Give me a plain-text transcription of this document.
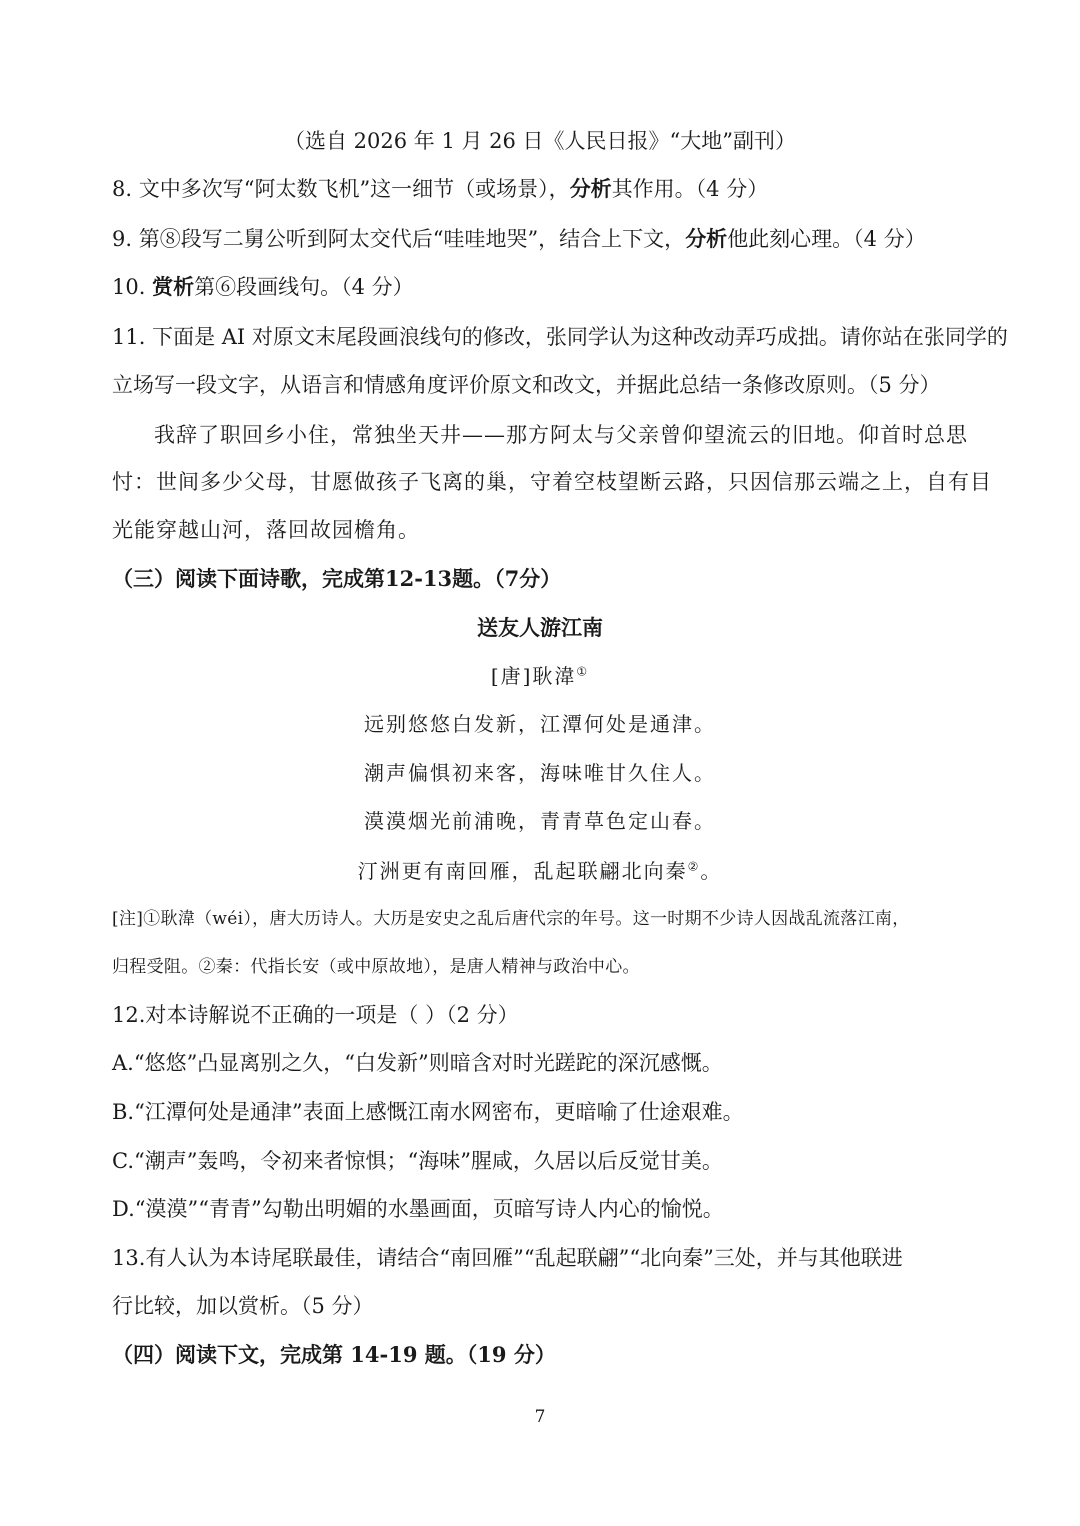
（选自 2026 年 1 月 26 日《人民日报》“大地”副刊）
8. 文中多次写“阿太数飞机”这一细节（或场景），分析其作用。（4 分）
9. 第⑧段写二舅公听到阿太交代后“哇哇地哭”，结合上下文，分析他此刻心理。（4 分）
10. 赏析第⑥段画线句。（4 分）
11. 下面是 AI 对原文末尾段画浪线句的修改，张同学认为这种改动弄巧成拙。请你站在张同学的
立场写一段文字，从语言和情感角度评价原文和改文，并据此总结一条修改原则。（5 分）
我辞了职回乡小住，常独坐天井——那方阿太与父亲曾仰望流云的旧地。仰首时总思
忖：世间多少父母，甘愿做孩子飞离的巢，守着空枝望断云路，只因信那云端之上，自有目
光能穿越山河，落回故园檐角。
（三）阅读下面诗歌，完成第12-13题。（7分）
送友人游江南
[唐]耿湋①
远别悠悠白发新，江潭何处是通津。
潮声偏惧初来客，海味唯甘久住人。
漠漠烟光前浦晚，青青草色定山春。
汀洲更有南回雁，乱起联翩北向秦②。
[注]①耿湋（wéi），唐大历诗人。大历是安史之乱后唐代宗的年号。这一时期不少诗人因战乱流落江南，
归程受阻。②秦：代指长安（或中原故地），是唐人精神与政治中心。
12.对本诗解说不正确的一项是（ ）（2 分）
A.“悠悠”凸显离别之久，“白发新”则暗含对时光蹉跎的深沉感慨。
B.“江潭何处是通津”表面上感慨江南水网密布，更暗喻了仕途艰难。
C.“潮声”轰鸣，令初来者惊惧；“海味”腥咸，久居以后反觉甘美。
D.“漠漠”“青青”勾勒出明媚的水墨画面，页暗写诗人内心的愉悦。
13.有人认为本诗尾联最佳，请结合“南回雁”“乱起联翩”“北向秦”三处，并与其他联进
行比较，加以赏析。（5 分）
（四）阅读下文，完成第 14-19 题。（19 分）
7
